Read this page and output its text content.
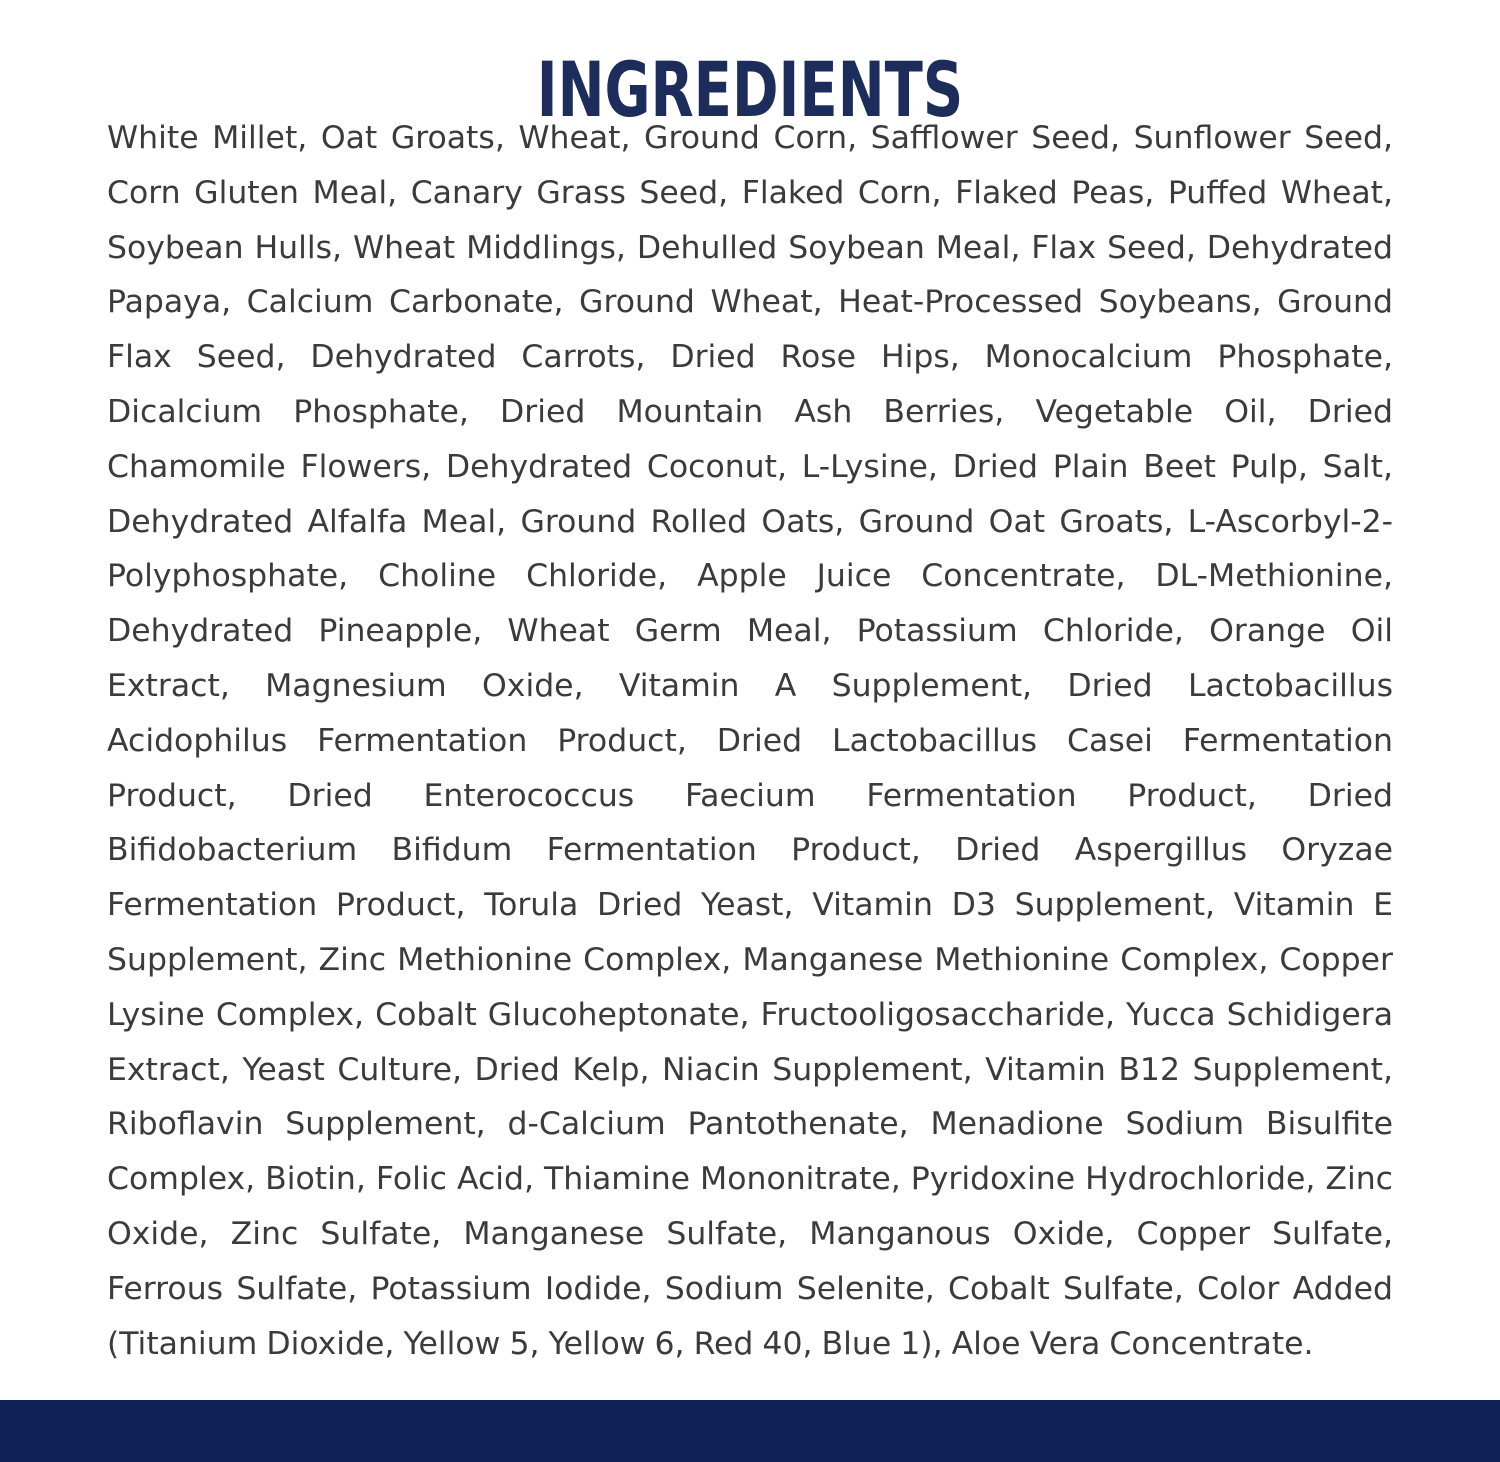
INGREDIENTS

White Millet, Oat Groats, Wheat, Ground Corn, Safflower Seed, Sunflower Seed, Corn Gluten Meal, Canary Grass Seed, Flaked Corn, Flaked Peas, Puffed Wheat, Soybean Hulls, Wheat Middlings, Dehulled Soybean Meal, Flax Seed, Dehydrated Papaya, Calcium Carbonate, Ground Wheat, Heat-Processed Soybeans, Ground Flax Seed, Dehydrated Carrots, Dried Rose Hips, Monocalcium Phosphate, Dicalcium Phosphate, Dried Mountain Ash Berries, Vegetable Oil, Dried Chamomile Flowers, Dehydrated Coconut, L-Lysine, Dried Plain Beet Pulp, Salt, Dehydrated Alfalfa Meal, Ground Rolled Oats, Ground Oat Groats, L-Ascorbyl-2-Polyphosphate, Choline Chloride, Apple Juice Concentrate, DL-Methionine, Dehydrated Pineapple, Wheat Germ Meal, Potassium Chloride, Orange Oil Extract, Magnesium Oxide, Vitamin A Supplement, Dried Lactobacillus Acidophilus Fermentation Product, Dried Lactobacillus Casei Fermentation Product, Dried Enterococcus Faecium Fermentation Product, Dried Bifidobacterium Bifidum Fermentation Product, Dried Aspergillus Oryzae Fermentation Product, Torula Dried Yeast, Vitamin D3 Supplement, Vitamin E Supplement, Zinc Methionine Complex, Manganese Methionine Complex, Copper Lysine Complex, Cobalt Glucoheptonate, Fructooligosaccharide, Yucca Schidigera Extract, Yeast Culture, Dried Kelp, Niacin Supplement, Vitamin B12 Supplement, Riboflavin Supplement, d-Calcium Pantothenate, Menadione Sodium Bisulfite Complex, Biotin, Folic Acid, Thiamine Mononitrate, Pyridoxine Hydrochloride, Zinc Oxide, Zinc Sulfate, Manganese Sulfate, Manganous Oxide, Copper Sulfate, Ferrous Sulfate, Potassium Iodide, Sodium Selenite, Cobalt Sulfate, Color Added (Titanium Dioxide, Yellow 5, Yellow 6, Red 40, Blue 1), Aloe Vera Concentrate.
